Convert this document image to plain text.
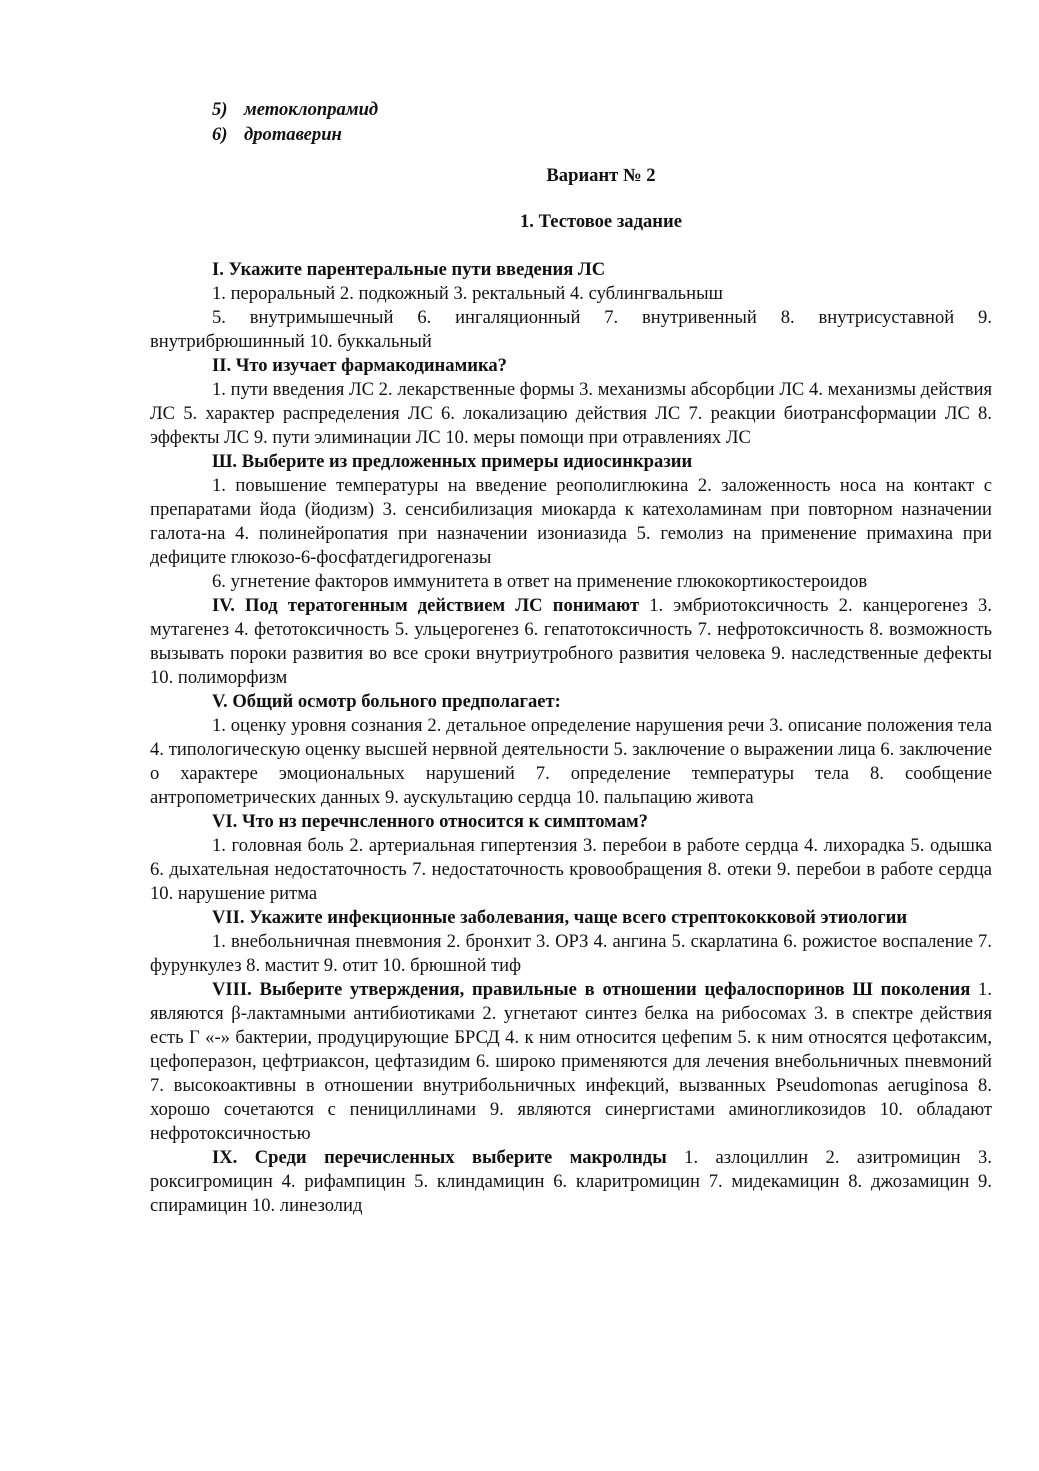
5) метоклопрамид
6) дротаверин
Вариант № 2
1. Тестовое задание
I. Укажите парентеральные пути введения ЛС
1. пероральный 2. подкожный 3. ректальный 4. сублингвальныш
5. внутримышечный 6. ингаляционный 7. внутривенный 8. внутрисуставной 9. внутрибрюшинный 10. буккальный
II. Что изучает фармакодинамика?
1. пути введения ЛС 2. лекарственные формы 3. механизмы абсорбции ЛС 4. механизмы действия ЛС 5. характер распределения ЛС 6. локализацию действия ЛС 7. реакции биотрансформации ЛС 8. эффекты ЛС 9. пути элиминации ЛС 10. меры помощи при отравлениях ЛС
Ш. Выберите из предложенных примеры идиосинкразии
1. повышение температуры на введение реополиглюкина 2. заложенность носа на контакт с препаратами йода (йодизм) 3. сенсибилизация миокарда к катехоламинам при повторном назначении галота-на 4. полинейропатия при назначении изониазида 5. гемолиз на применение примахина при дефиците глюкозо-6-фосфатдегидрогеназы
6. угнетение факторов иммунитета в ответ на применение глюкокортикостероидов
IV. Под тератогенным действием ЛС понимают 1. эмбриотоксичность 2. канцерогенез 3. мутагенез 4. фетотоксичность 5. ульцерогенез 6. гепатотоксичность 7. нефротоксичность 8. возможность вызывать пороки развития во все сроки внутриутробного развития человека 9. наследственные дефекты 10. полиморфизм
V. Общий осмотр больного предполагает:
1. оценку уровня сознания 2. детальное определение нарушения речи 3. описание положения тела 4. типологическую оценку высшей нервной деятельности 5. заключение о выражении лица 6. заключение о характере эмоциональных нарушений 7. определение температуры тела 8. сообщение антропометрических данных 9. аускультацию сердца 10. пальпацию живота
VI. Что нз перечнсленного относится к симптомам?
1. головная боль 2. артериальная гипертензия 3. перебои в работе сердца 4. лихорадка 5. одышка 6. дыхательная недостаточность 7. недостаточность кровообращения 8. отеки 9. перебои в работе сердца 10. нарушение ритма
VII. Укажите инфекционные заболевания, чаще всего стрептококковой этиологии
1. внебольничная пневмония 2. бронхит 3. ОРЗ 4. ангина 5. скарлатина 6. рожистое воспаление 7. фурункулез 8. мастит 9. отит 10. брюшной тиф
VIII. Выберите утверждения, правильные в отношении цефалоспоринов Ш поколения 1. являются β-лактамными антибиотиками 2. угнетают синтез белка на рибосомах 3. в спектре действия есть Г «-» бактерии, продуцирующие БРСД 4. к ним относится цефепим 5. к ним относятся цефотаксим, цефоперазон, цефтриаксон, цефтазидим 6. широко применяются для лечения внебольничных пневмоний 7. высокоактивны в отношении внутрибольничных инфекций, вызванных Pseudomonas aeruginosa 8. хорошо сочетаются с пенициллинами 9. являются синергистами аминогликозидов 10. обладают нефротоксичностью
IX. Среди перечисленных выберите макролнды 1. азлоциллин 2. азитромицин 3. роксигромицин 4. рифампицин 5. клиндамицин 6. кларитромицин 7. мидекамицин 8. джозамицин 9. спирамицин 10. линезолид
